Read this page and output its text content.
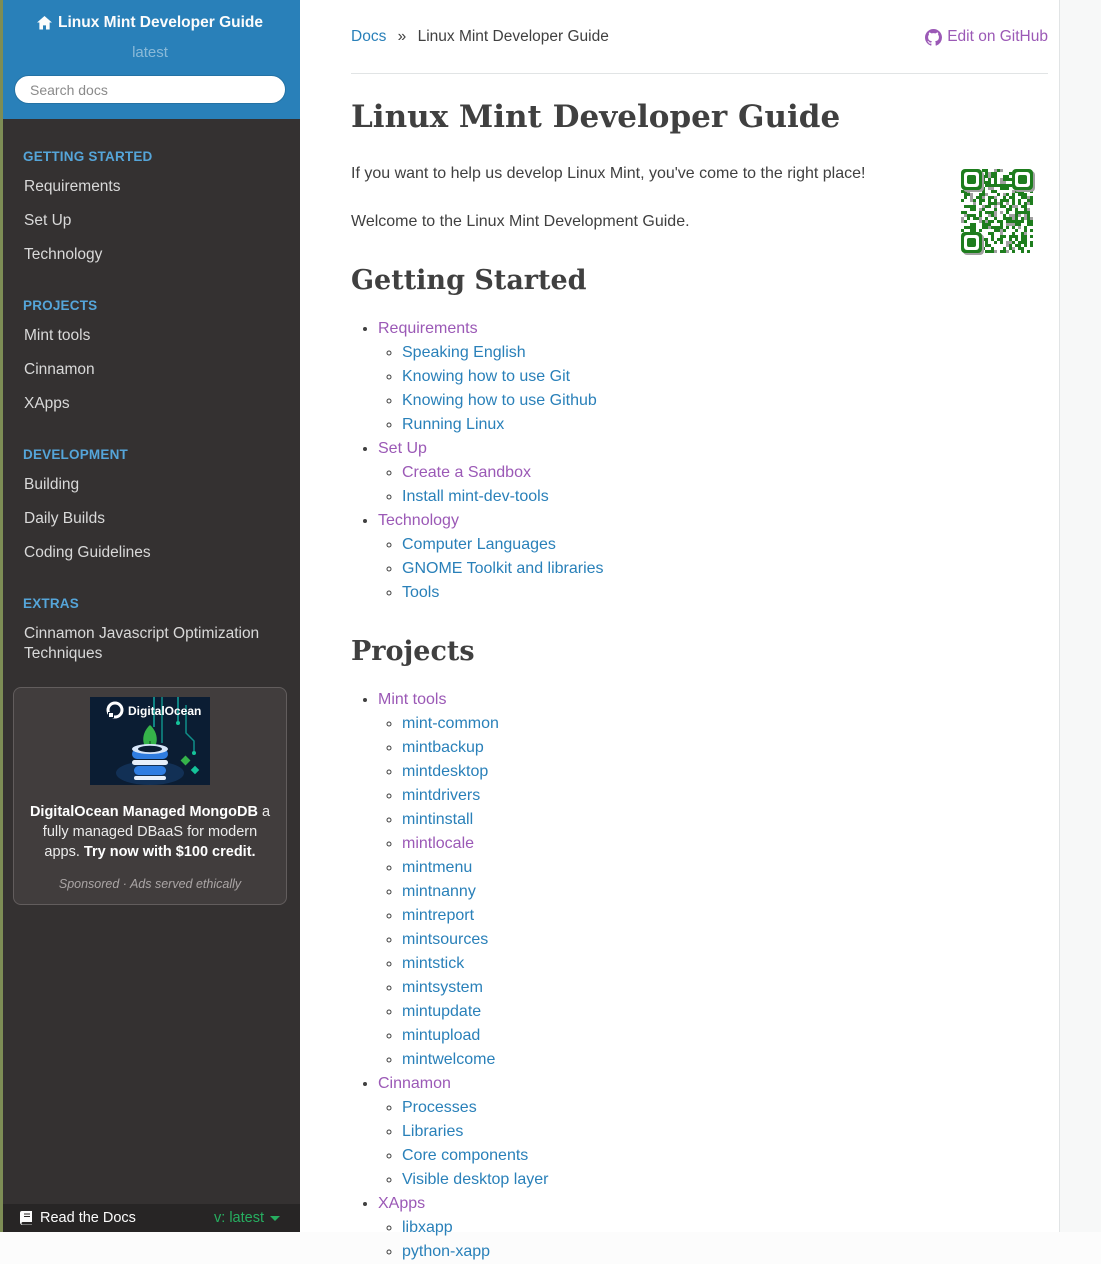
Linux Mint Developer Guide
latest
Search docs

GETTING STARTED

Requirements
Set Up
Technology

PROJECTS

Mint tools
Cinnamon
XApps

DEVELOPMENT

Building
Daily Builds
Coding Guidelines

EXTRAS

Cinnamon Javascript Optimization Techniques
DigitalOcean
DigitalOcean Managed MongoDB a fully managed DBaaS for modern apps. Try now with $100 credit.
Sponsored · Ads served ethically
Read the Docs	v: latest
Docs » Linux Mint Developer Guide	Edit on GitHub
Linux Mint Developer Guide

If you want to help us develop Linux Mint, you've come to the right place!

Welcome to the Linux Mint Development Guide.

Getting Started
• Requirements
◦ Speaking English
◦ Knowing how to use Git
◦ Knowing how to use Github
◦ Running Linux
• Set Up
◦ Create a Sandbox
◦ Install mint-dev-tools
• Technology
◦ Computer Languages
◦ GNOME Toolkit and libraries
◦ Tools
Projects
• Mint tools
◦ mint-common
◦ mintbackup
◦ mintdesktop
◦ mintdrivers
◦ mintinstall
◦ mintlocale
◦ mintmenu
◦ mintnanny
◦ mintreport
◦ mintsources
◦ mintstick
◦ mintsystem
◦ mintupdate
◦ mintupload
◦ mintwelcome
• Cinnamon
◦ Processes
◦ Libraries
◦ Core components
◦ Visible desktop layer
• XApps
◦ libxapp
◦ python-xapp
